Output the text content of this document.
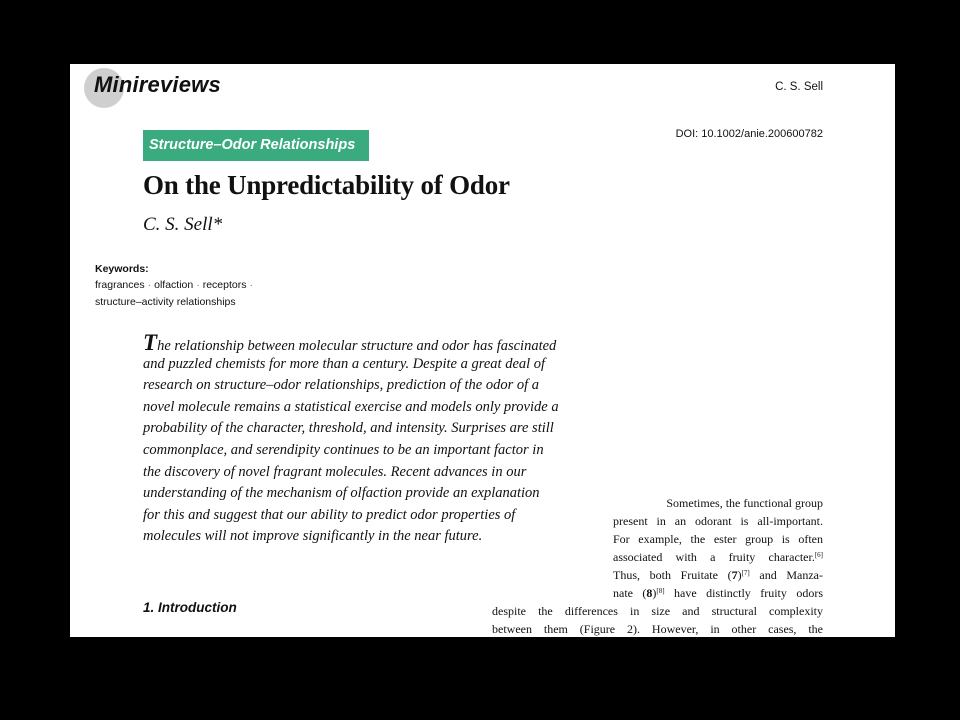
Minireviews	C. S. Sell
DOI: 10.1002/anie.200600782
Structure–Odor Relationships
On the Unpredictability of Odor
C. S. Sell*
Keywords:
fragrances · olfaction · receptors ·
structure–activity relationships
The relationship between molecular structure and odor has fascinated
and puzzled chemists for more than a century. Despite a great deal of
research on structure–odor relationships, prediction of the odor of a
novel molecule remains a statistical exercise and models only provide a
probability of the character, threshold, and intensity. Surprises are still
commonplace, and serendipity continues to be an important factor in
the discovery of novel fragrant molecules. Recent advances in our
understanding of the mechanism of olfaction provide an explanation
for this and suggest that our ability to predict odor properties of
molecules will not improve significantly in the near future.
1. Introduction
Sometimes, the functional group
present in an odorant is all-important.
For example, the ester group is often
associated with a fruity character.[6]
Thus, both Fruitate (7)[7] and Manza-
nate (8)[8] have distinctly fruity odors
despite the differences in size and structural complexity
between them (Figure 2). However, in other cases, the
